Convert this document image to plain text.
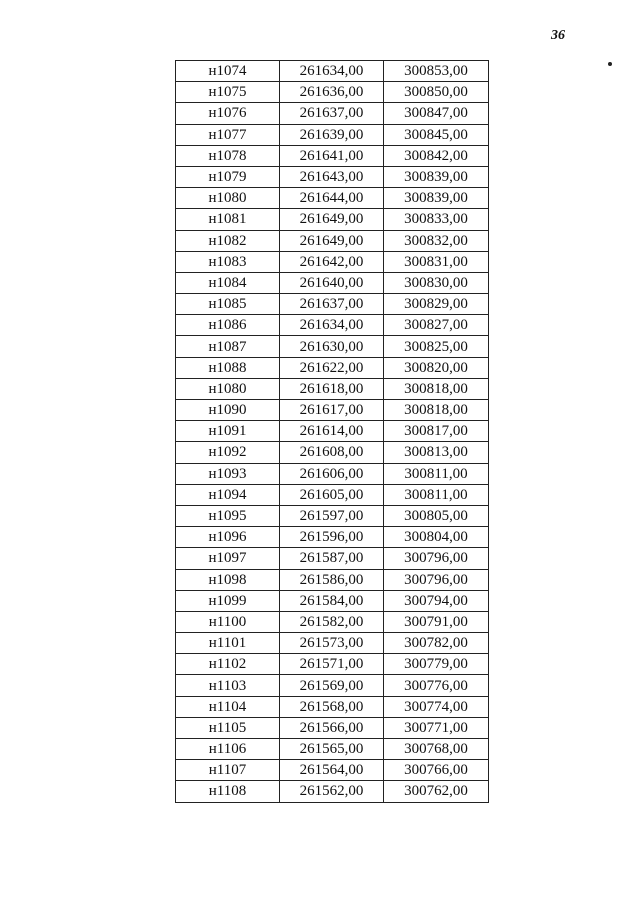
36
н1074	261634,00	300853,00
н1075	261636,00	300850,00
н1076	261637,00	300847,00
н1077	261639,00	300845,00
н1078	261641,00	300842,00
н1079	261643,00	300839,00
н1080	261644,00	300839,00
н1081	261649,00	300833,00
н1082	261649,00	300832,00
н1083	261642,00	300831,00
н1084	261640,00	300830,00
н1085	261637,00	300829,00
н1086	261634,00	300827,00
н1087	261630,00	300825,00
н1088	261622,00	300820,00
н1080	261618,00	300818,00
н1090	261617,00	300818,00
н1091	261614,00	300817,00
н1092	261608,00	300813,00
н1093	261606,00	300811,00
н1094	261605,00	300811,00
н1095	261597,00	300805,00
н1096	261596,00	300804,00
н1097	261587,00	300796,00
н1098	261586,00	300796,00
н1099	261584,00	300794,00
н1100	261582,00	300791,00
н1101	261573,00	300782,00
н1102	261571,00	300779,00
н1103	261569,00	300776,00
н1104	261568,00	300774,00
н1105	261566,00	300771,00
н1106	261565,00	300768,00
н1107	261564,00	300766,00
н1108	261562,00	300762,00
